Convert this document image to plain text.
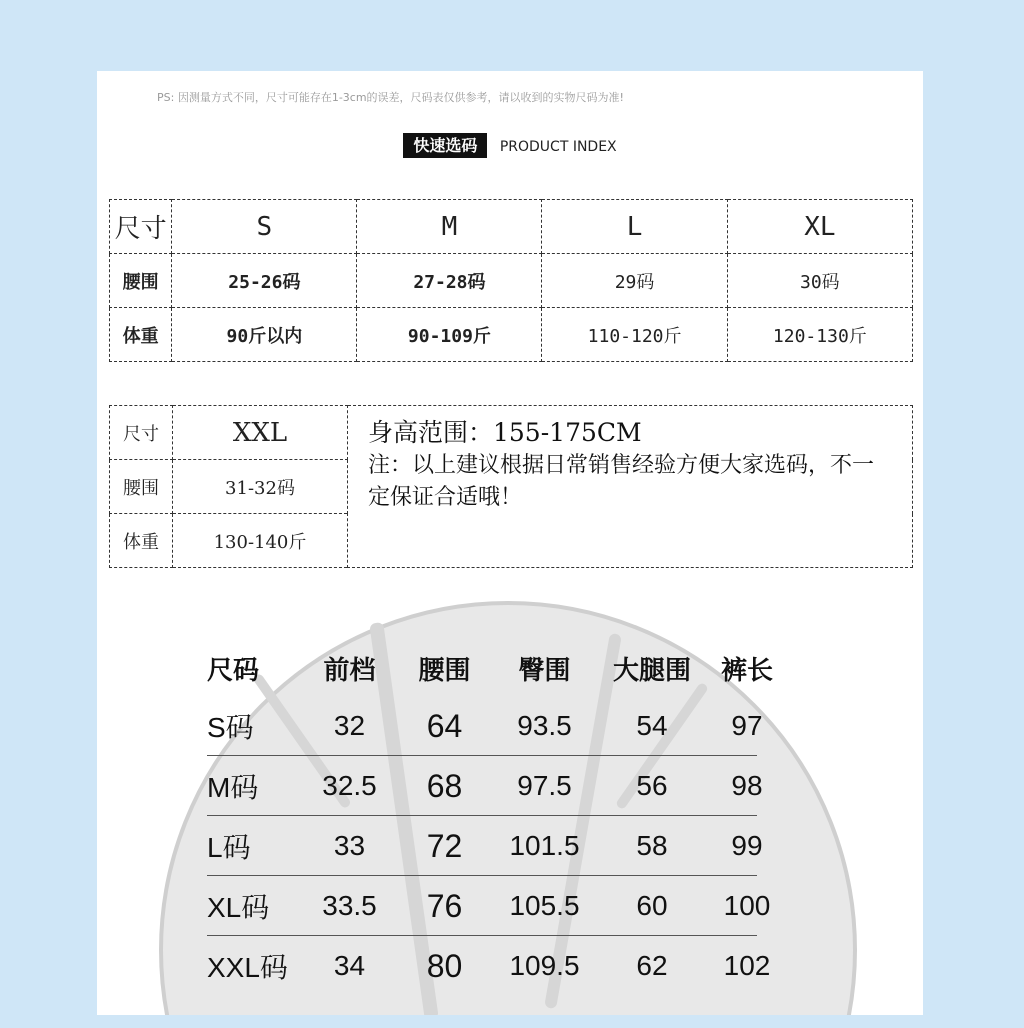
PS: 因测量方式不同，尺寸可能存在1-3cm的误差，尺码表仅供参考，请以收到的实物尺码为准!
快速选码 PRODUCT INDEX
尺寸	S	M	L	XL
腰围	25-26码	27-28码	29码	30码
体重	90斤以内	90-109斤	110-120斤	120-130斤
尺寸	XXL	身高范围：155-175CM
注：以上建议根据日常销售经验方便大家选码，不一定保证合适哦！

腰围	31-32码	
体重	130-140斤	
尺码	前档	腰围	臀围	大腿围	裤长
S码	32	64	93.5	54	97
M码	32.5	68	97.5	56	98
L码	33	72	101.5	58	99
XL码	33.5	76	105.5	60	100
XXL码	34	80	109.5	62	102
